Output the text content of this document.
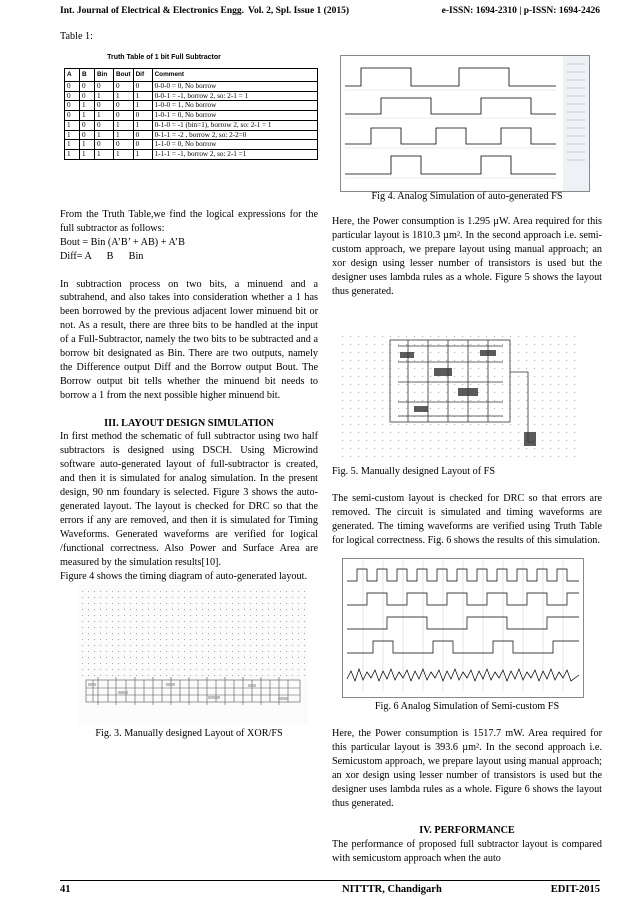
Int. Journal of Electrical & Electronics Engg. Vol. 2, Spl. Issue 1 (2015)	e-ISSN: 1694-2310 | p-ISSN: 1694-2426
Table 1:
Truth Table of 1 bit Full Subtractor
A	B	Bin	Bout	Dif	Comment
0	0	0	0	0	0-0-0 = 0, No borrow
0	0	1	1	1	0-0-1 = -1, borrow 2, so: 2-1 = 1
0	1	0	0	1	1-0-0 = 1, No borrow
0	1	1	0	0	1-0-1 = 0, No borrow
1	0	0	1	1	0-1-0 = -1 (bin=1), borrow 2, so: 2-1 = 1
1	0	1	1	0	0-1-1 = -2 , borrow 2, so: 2-2=0
1	1	0	0	0	1-1-0 = 0, No borrow
1	1	1	1	1	1-1-1 = -1, borrow 2, so: 2-1 =1

From the Truth Table,we find the logical expressions for the full subtractor as follows:

Bout = Bin (A’B’ + AB) + A’B

Diff= A      B      Bin

In subtraction process on two bits, a minuend and a subtrahend, and also takes into consideration whether a 1 has been borrowed by the previous adjacent lower minuend bit or not. As a result, there are three bits to be handled at the input of a Full-Subtractor, namely the two bits to be subtracted and a borrow bit designated as Bin. There are two outputs, namely the Difference output Diff and the Borrow output Bout. The Borrow output bit tells whether the minuend bit needs to borrow a 1 from the next possible higher minuend bit.

III. LAYOUT DESIGN SIMULATION

In first method the schematic of full subtractor using two half subtractors is designed using DSCH. Using Microwind software auto-generated layout of full-subtractor is created, and then it is simulated for analog simulation. In the present design, 90 nm foundary is selected. Figure 3 shows the auto-generated layout. The layout is checked for DRC so that the errors if any are removed, and then it is simulated for Timing Waveforms. Generated waveforms are verified for logical /functional correctness. Also Power and Surface Area are measured by the simulation results[10].

Figure 4 shows the timing diagram of auto-generated layout.

Fig. 3. Manually designed Layout of XOR/FS
Fig 4. Analog Simulation of auto-generated FS

Here, the Power consumption is 1.295 µW. Area required for this particular layout is 1810.3 µm². In the second approach i.e. semi-custom approach, we prepare layout using manual approach; an xor design using lesser number of transistors is used but the designer uses lambda rules as a whole. Figure 5 shows the layout thus generated.

Fig. 5. Manually designed Layout of FS

The semi-custom layout is checked for DRC so that errors are removed. The circuit is simulated and timing waveforms are generated. The timing waveforms are verified using Truth Table for logical correctness. Fig. 6 shows the results of this simulation.

Fig. 6 Analog Simulation of Semi-custom FS

Here, the Power consumption is 1517.7 mW. Area required for this particular layout is 393.6 µm². In the second approach i.e. Semicustom approach, we prepare layout using manual approach; an xor design using lesser number of transistors is used but the designer uses lambda rules as a whole. Figure 6 shows the layout thus generated.

IV. PERFORMANCE

The performance of proposed full subtractor layout is compared with semicustom approach when the auto

41	NITTTR, Chandigarh	EDIT-2015
